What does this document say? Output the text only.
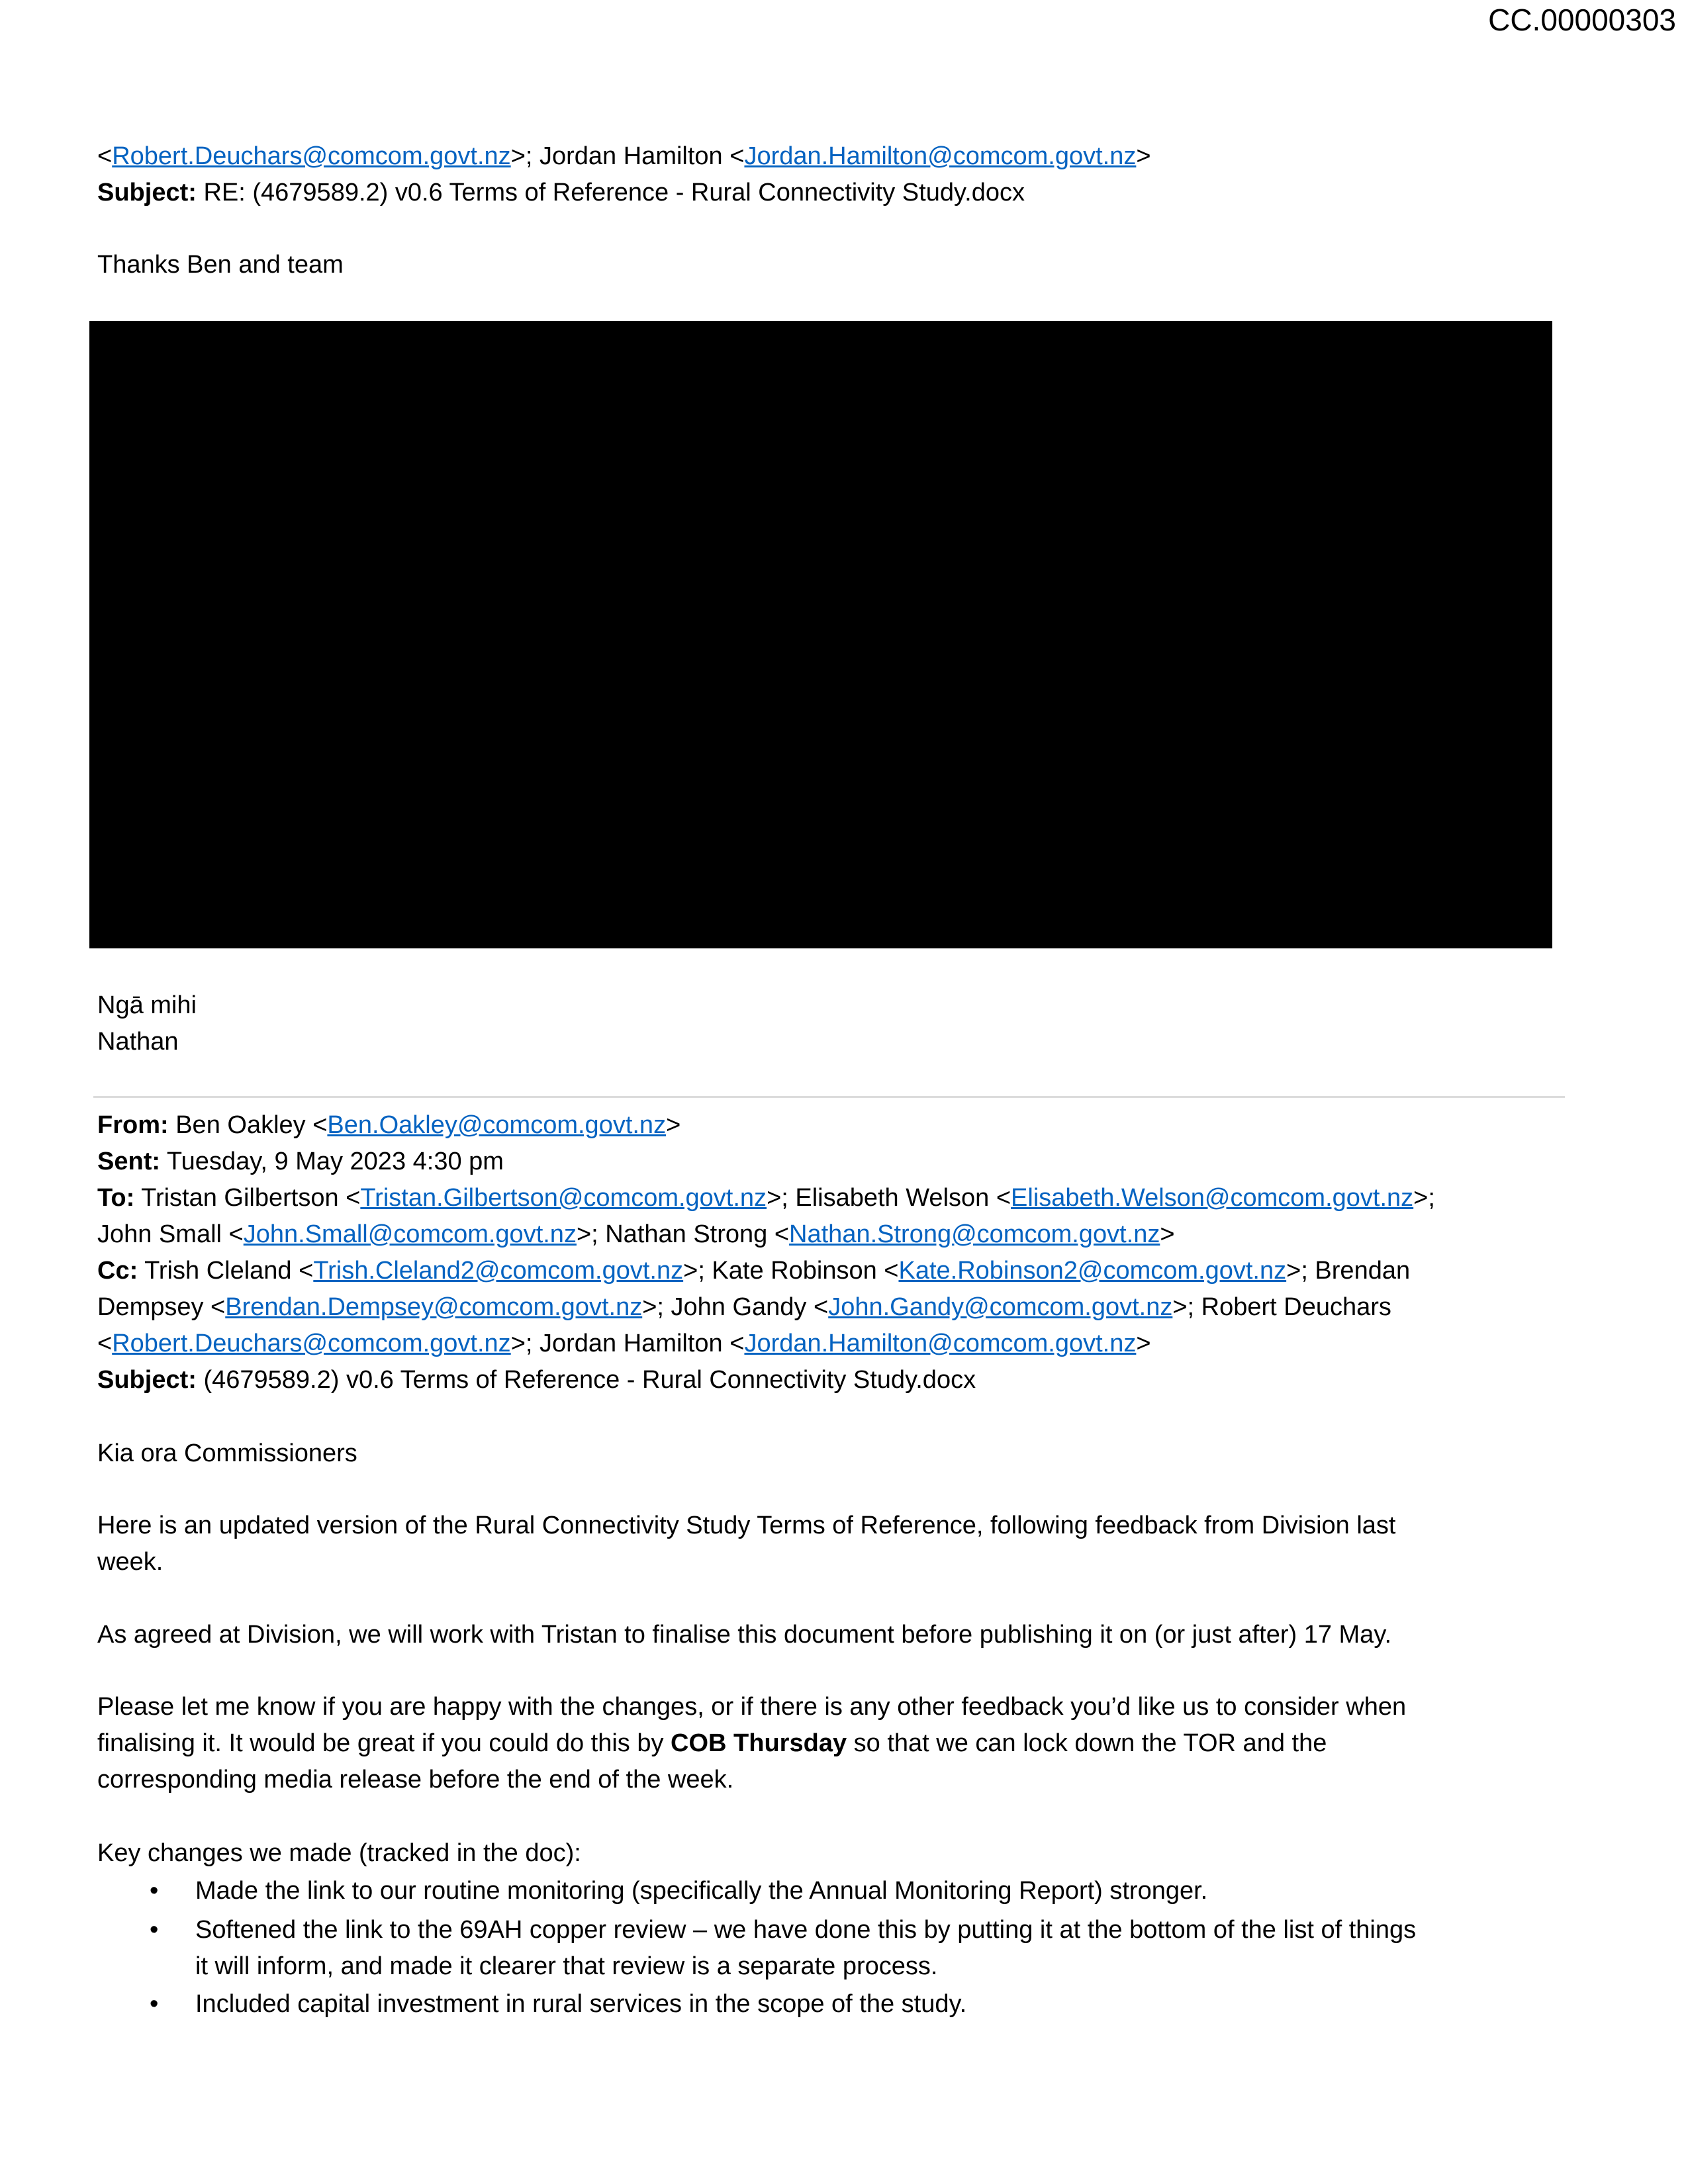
CC.00000303
<Robert.Deuchars@comcom.govt.nz>; Jordan Hamilton <Jordan.Hamilton@comcom.govt.nz>
Subject: RE: (4679589.2) v0.6 Terms of Reference - Rural Connectivity Study.docx
Thanks Ben and team
Ngā mihi
Nathan
From: Ben Oakley <Ben.Oakley@comcom.govt.nz>
Sent: Tuesday, 9 May 2023 4:30 pm
To: Tristan Gilbertson <Tristan.Gilbertson@comcom.govt.nz>; Elisabeth Welson <Elisabeth.Welson@comcom.govt.nz>;
John Small <John.Small@comcom.govt.nz>; Nathan Strong <Nathan.Strong@comcom.govt.nz>
Cc: Trish Cleland <Trish.Cleland2@comcom.govt.nz>; Kate Robinson <Kate.Robinson2@comcom.govt.nz>; Brendan
Dempsey <Brendan.Dempsey@comcom.govt.nz>; John Gandy <John.Gandy@comcom.govt.nz>; Robert Deuchars
<Robert.Deuchars@comcom.govt.nz>; Jordan Hamilton <Jordan.Hamilton@comcom.govt.nz>
Subject: (4679589.2) v0.6 Terms of Reference - Rural Connectivity Study.docx
Kia ora Commissioners
Here is an updated version of the Rural Connectivity Study Terms of Reference, following feedback from Division last
week.
As agreed at Division, we will work with Tristan to finalise this document before publishing it on (or just after) 17 May.
Please let me know if you are happy with the changes, or if there is any other feedback you’d like us to consider when
finalising it. It would be great if you could do this by COB Thursday so that we can lock down the TOR and the
corresponding media release before the end of the week.
Key changes we made (tracked in the doc):
• Made the link to our routine monitoring (specifically the Annual Monitoring Report) stronger.
• Softened the link to the 69AH copper review – we have done this by putting it at the bottom of the list of things
it will inform, and made it clearer that review is a separate process.
• Included capital investment in rural services in the scope of the study.
